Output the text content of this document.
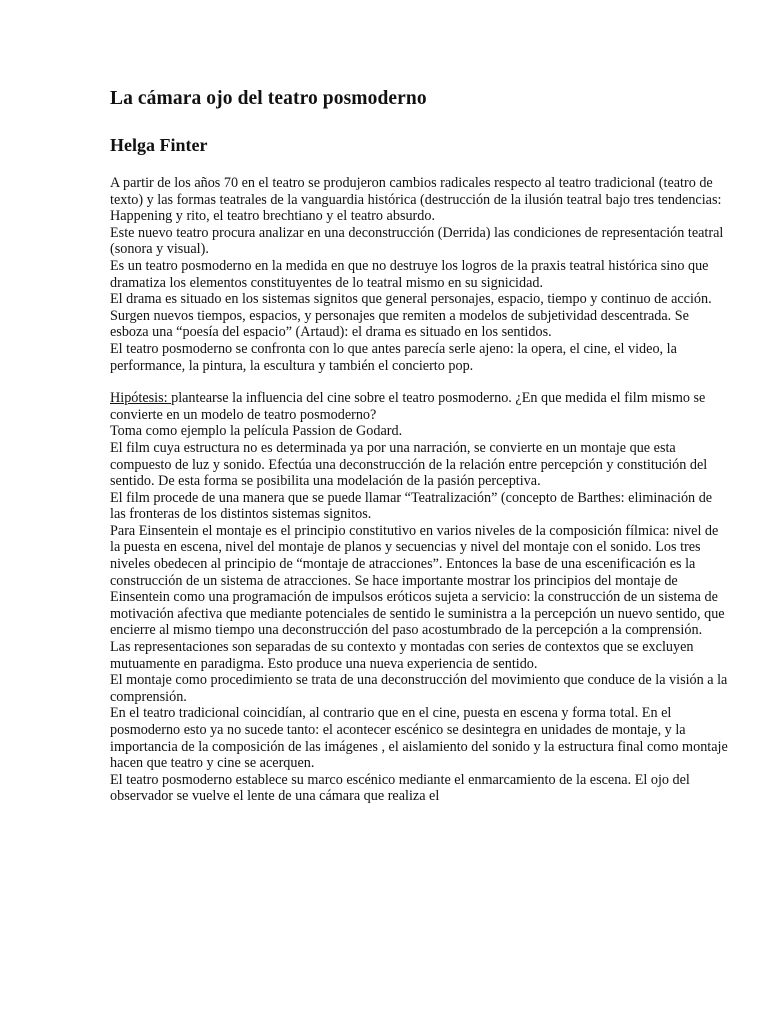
La cámara ojo del teatro posmoderno
Helga Finter

A partir de los años 70 en el teatro se produjeron cambios radicales respecto al teatro tradicional (teatro de texto) y las formas teatrales de la vanguardia histórica (destrucción de la ilusión teatral bajo tres tendencias: Happening y rito, el teatro brechtiano y el teatro absurdo.

Este nuevo teatro procura analizar en una deconstrucción (Derrida) las condiciones de representación teatral (sonora y visual).

Es un teatro posmoderno en la medida en que no destruye los logros de la praxis teatral histórica sino que dramatiza los elementos constituyentes de lo teatral mismo en su signicidad.

El drama es situado en los sistemas signitos que general personajes, espacio, tiempo y continuo de acción. Surgen nuevos tiempos, espacios, y personajes que remiten a modelos de subjetividad descentrada. Se esboza una “poesía del espacio” (Artaud): el drama es situado en los sentidos.

El teatro posmoderno se confronta con lo que antes parecía serle ajeno: la opera, el cine, el video, la performance, la pintura, la escultura y también el concierto pop.

Hipótesis: plantearse la influencia del cine sobre el teatro posmoderno. ¿En que medida el film mismo se convierte en un modelo de teatro posmoderno?

Toma como ejemplo la película Passion de Godard.

El film cuya estructura no es determinada ya por una narración, se convierte en un montaje que esta compuesto de luz y sonido. Efectúa una deconstrucción de la relación entre percepción y constitución del sentido. De esta forma se posibilita una modelación de la pasión perceptiva.

El film procede de una manera que se puede llamar “Teatralización” (concepto de Barthes: eliminación de las fronteras de los distintos sistemas signitos.

Para Einsentein el montaje es el principio constitutivo en varios niveles de la composición fílmica: nivel de la puesta en escena, nivel del montaje de planos y secuencias y nivel del montaje con el sonido. Los tres niveles obedecen al principio de “montaje de atracciones”. Entonces la base de una escenificación es la construcción de un sistema de atracciones. Se hace importante mostrar los principios del montaje de Einsentein como una programación de impulsos eróticos sujeta a servicio: la construcción de un sistema de motivación afectiva que mediante potenciales de sentido le suministra a la percepción un nuevo sentido, que encierre al mismo tiempo una deconstrucción del paso acostumbrado de la percepción a la comprensión.

Las representaciones son separadas de su contexto y montadas con series de contextos que se excluyen mutuamente en paradigma. Esto produce una nueva experiencia de sentido.

El montaje como procedimiento se trata de una deconstrucción del movimiento que conduce de la visión a la comprensión.

En el teatro tradicional coincidían, al contrario que en el cine, puesta en escena y forma total. En el posmoderno esto ya no sucede tanto: el acontecer escénico se desintegra en unidades de montaje, y la importancia de la composición de las imágenes , el aislamiento del sonido y la estructura final como montaje hacen que teatro y cine se acerquen.

El teatro posmoderno establece su marco escénico mediante el enmarcamiento de la escena. El ojo del observador se vuelve el lente de una cámara que realiza el
